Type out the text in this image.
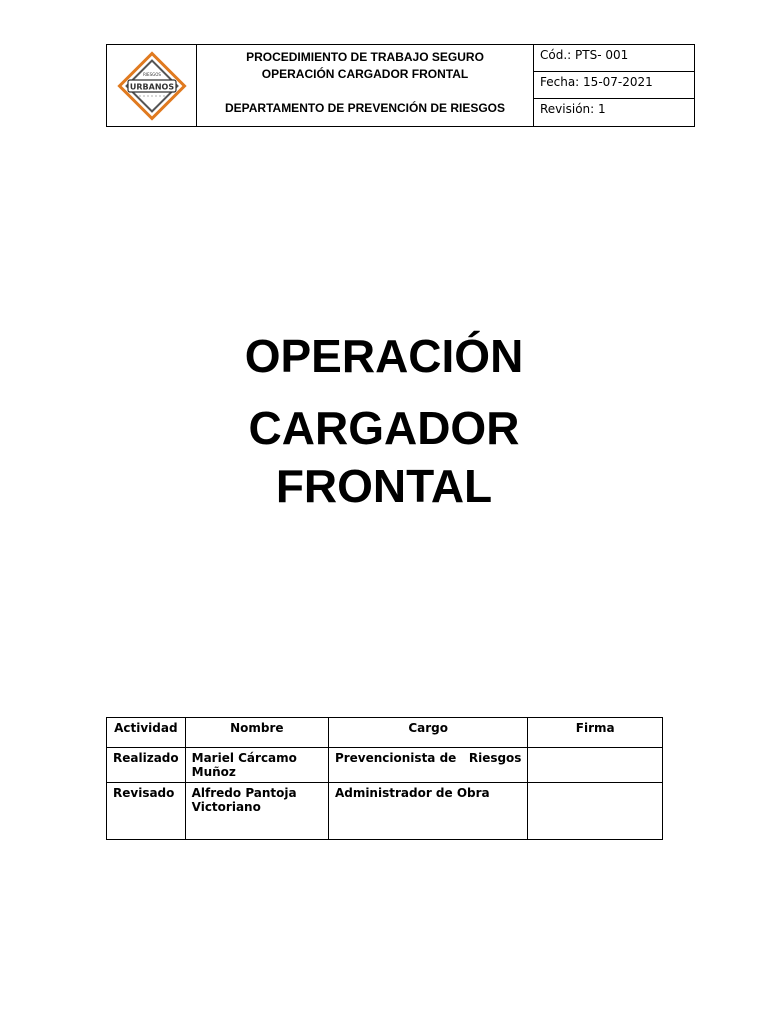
RIESGOS
URBANOS
PROCEDIMIENTO DE TRABAJO SEGURO
OPERACIÓN CARGADOR FRONTAL
DEPARTAMENTO DE PREVENCIÓN DE RIESGOS
Cód.: PTS- 001
Fecha: 15-07-2021
Revisión: 1
OPERACIÓN
CARGADOR
FRONTAL
Actividad	Nombre	Cargo	Firma
Realizado	Mariel Cárcamo Muñoz	Prevencionista de   Riesgos	
Revisado	Alfredo Pantoja Victoriano	Administrador de Obra	
